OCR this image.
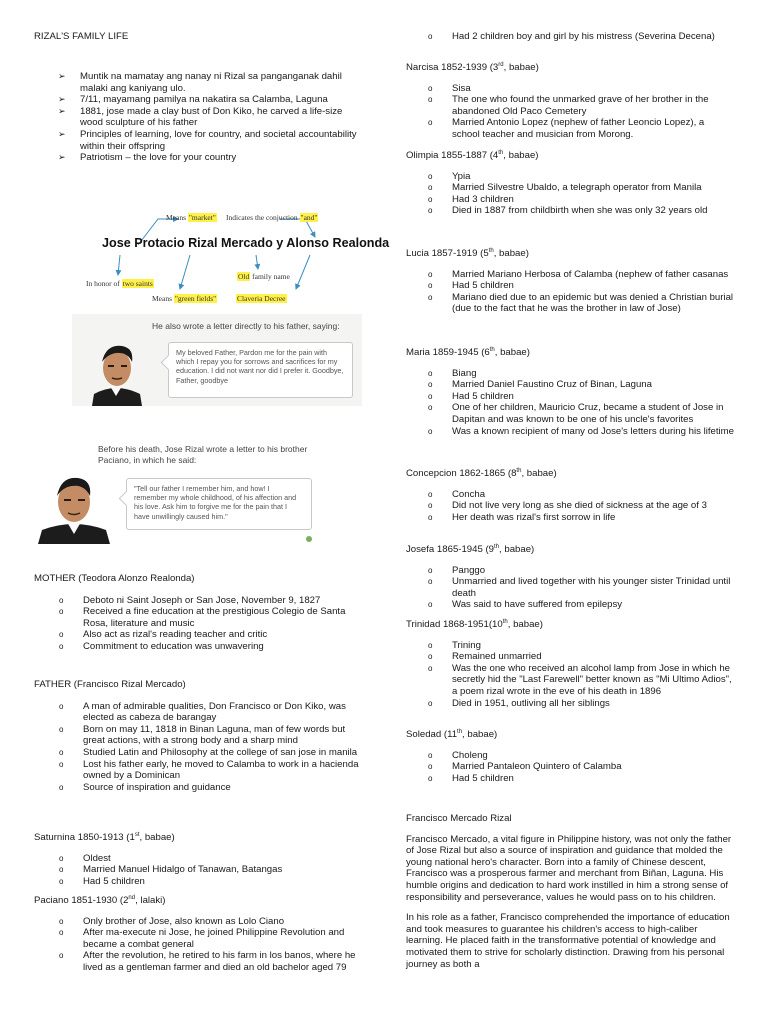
RIZAL'S FAMILY LIFE
➢ Muntik na mamatay ang nanay ni Rizal sa panganganak dahil malaki ang kaniyang ulo.
➢ 7/11, mayamang pamilya na nakatira sa Calamba, Laguna
➢ 1881, jose made a clay bust of Don Kiko, he carved a life-size wood sculpture of his father
➢ Principles of learning, love for country, and societal accountability within their offspring
➢ Patriotism – the love for your country
Means "market" Indicates the conjuction "and"
Jose Protacio Rizal Mercado y Alonso Realonda
In honor of two saints
Old family name
Means "green fields"	Claveria Decree
He also wrote a letter directly to his father, saying:
My beloved Father, Pardon me for the pain with which I repay you for sorrows and sacrifices for my education. I did not want nor did I prefer it. Goodbye, Father, goodbye
Before his death, Jose Rizal wrote a letter to his brother Paciano, in which he said:
"Tell our father I remember him, and how! I remember my whole childhood, of his affection and his love. Ask him to forgive me for the pain that I have unwillingly caused him."
MOTHER (Teodora Alonzo Realonda)
o Deboto ni Saint Joseph or San Jose, November 9, 1827
o Received a fine education at the prestigious Colegio de Santa Rosa, literature and music
o Also act as rizal's reading teacher and critic
o Commitment to education was unwavering
FATHER (Francisco Rizal Mercado)
o A man of admirable qualities, Don Francisco or Don Kiko, was elected as cabeza de barangay
o Born on may 11, 1818 in Binan Laguna, man of few words but great actions, with a strong body and a sharp mind
o Studied Latin and Philosophy at the college of san jose in manila
o Lost his father early, he moved to Calamba to work in a hacienda owned by a Dominican
o Source of inspiration and guidance
Saturnina 1850-1913 (1st, babae)
o Oldest
o Married Manuel Hidalgo of Tanawan, Batangas
o Had 5 children
Paciano 1851-1930 (2nd, lalaki)
o Only brother of Jose, also known as Lolo Ciano
o After ma-execute ni Jose, he joined Philippine Revolution and became a combat general
o After the revolution, he retired to his farm in los banos, where he lived as a gentleman farmer and died an old bachelor aged 79
o Had 2 children boy and girl by his mistress (Severina Decena)
Narcisa 1852-1939 (3rd, babae)
o Sisa
o The one who found the unmarked grave of her brother in the abandoned Old Paco Cemetery
o Married Antonio Lopez (nephew of father Leoncio Lopez), a school teacher and musician from Morong.
Olimpia 1855-1887 (4th, babae)
o Ypia
o Married Silvestre Ubaldo, a telegraph operator from Manila
o Had 3 children
o Died in 1887 from childbirth when she was only 32 years old
Lucia 1857-1919 (5th, babae)
o Married Mariano Herbosa of Calamba (nephew of father casanas
o Had 5 children
o Mariano died due to an epidemic but was denied a Christian burial (due to the fact that he was the brother in law of Jose)
Maria 1859-1945 (6th, babae)
o Biang
o Married Daniel Faustino Cruz of Binan, Laguna
o Had 5 children
o One of her children, Mauricio Cruz, became a student of Jose in Dapitan and was known to be one of his uncle's favorites
o Was a known recipient of many od Jose's letters during his lifetime
Concepcion 1862-1865 (8th, babae)
o Concha
o Did not live very long as she died of sickness at the age of 3
o Her death was rizal's first sorrow in life
Josefa 1865-1945 (9th, babae)
o Panggo
o Unmarried and lived together with his younger sister Trinidad until death
o Was said to have suffered from epilepsy
Trinidad 1868-1951(10th, babae)
o Trining
o Remained unmarried
o Was the one who received an alcohol lamp from Jose in which he secretly hid the "Last Farewell" better known as "Mi Ultimo Adios", a poem rizal wrote in the eve of his death in 1896
o Died in 1951, outliving all her siblings
Soledad (11th, babae)
o Choleng
o Married Pantaleon Quintero of Calamba
o Had 5 children
Francisco Mercado Rizal
Francisco Mercado, a vital figure in Philippine history, was not only the father of Jose Rizal but also a source of inspiration and guidance that molded the young national hero's character. Born into a family of Chinese descent, Francisco was a prosperous farmer and merchant from Biñan, Laguna. His humble origins and dedication to hard work instilled in him a strong sense of responsibility and perseverance, values he would pass on to his children.
In his role as a father, Francisco comprehended the importance of education and took measures to guarantee his children's access to high-caliber learning. He placed faith in the transformative potential of knowledge and motivated them to strive for scholarly distinction. Drawing from his personal journey as both a
